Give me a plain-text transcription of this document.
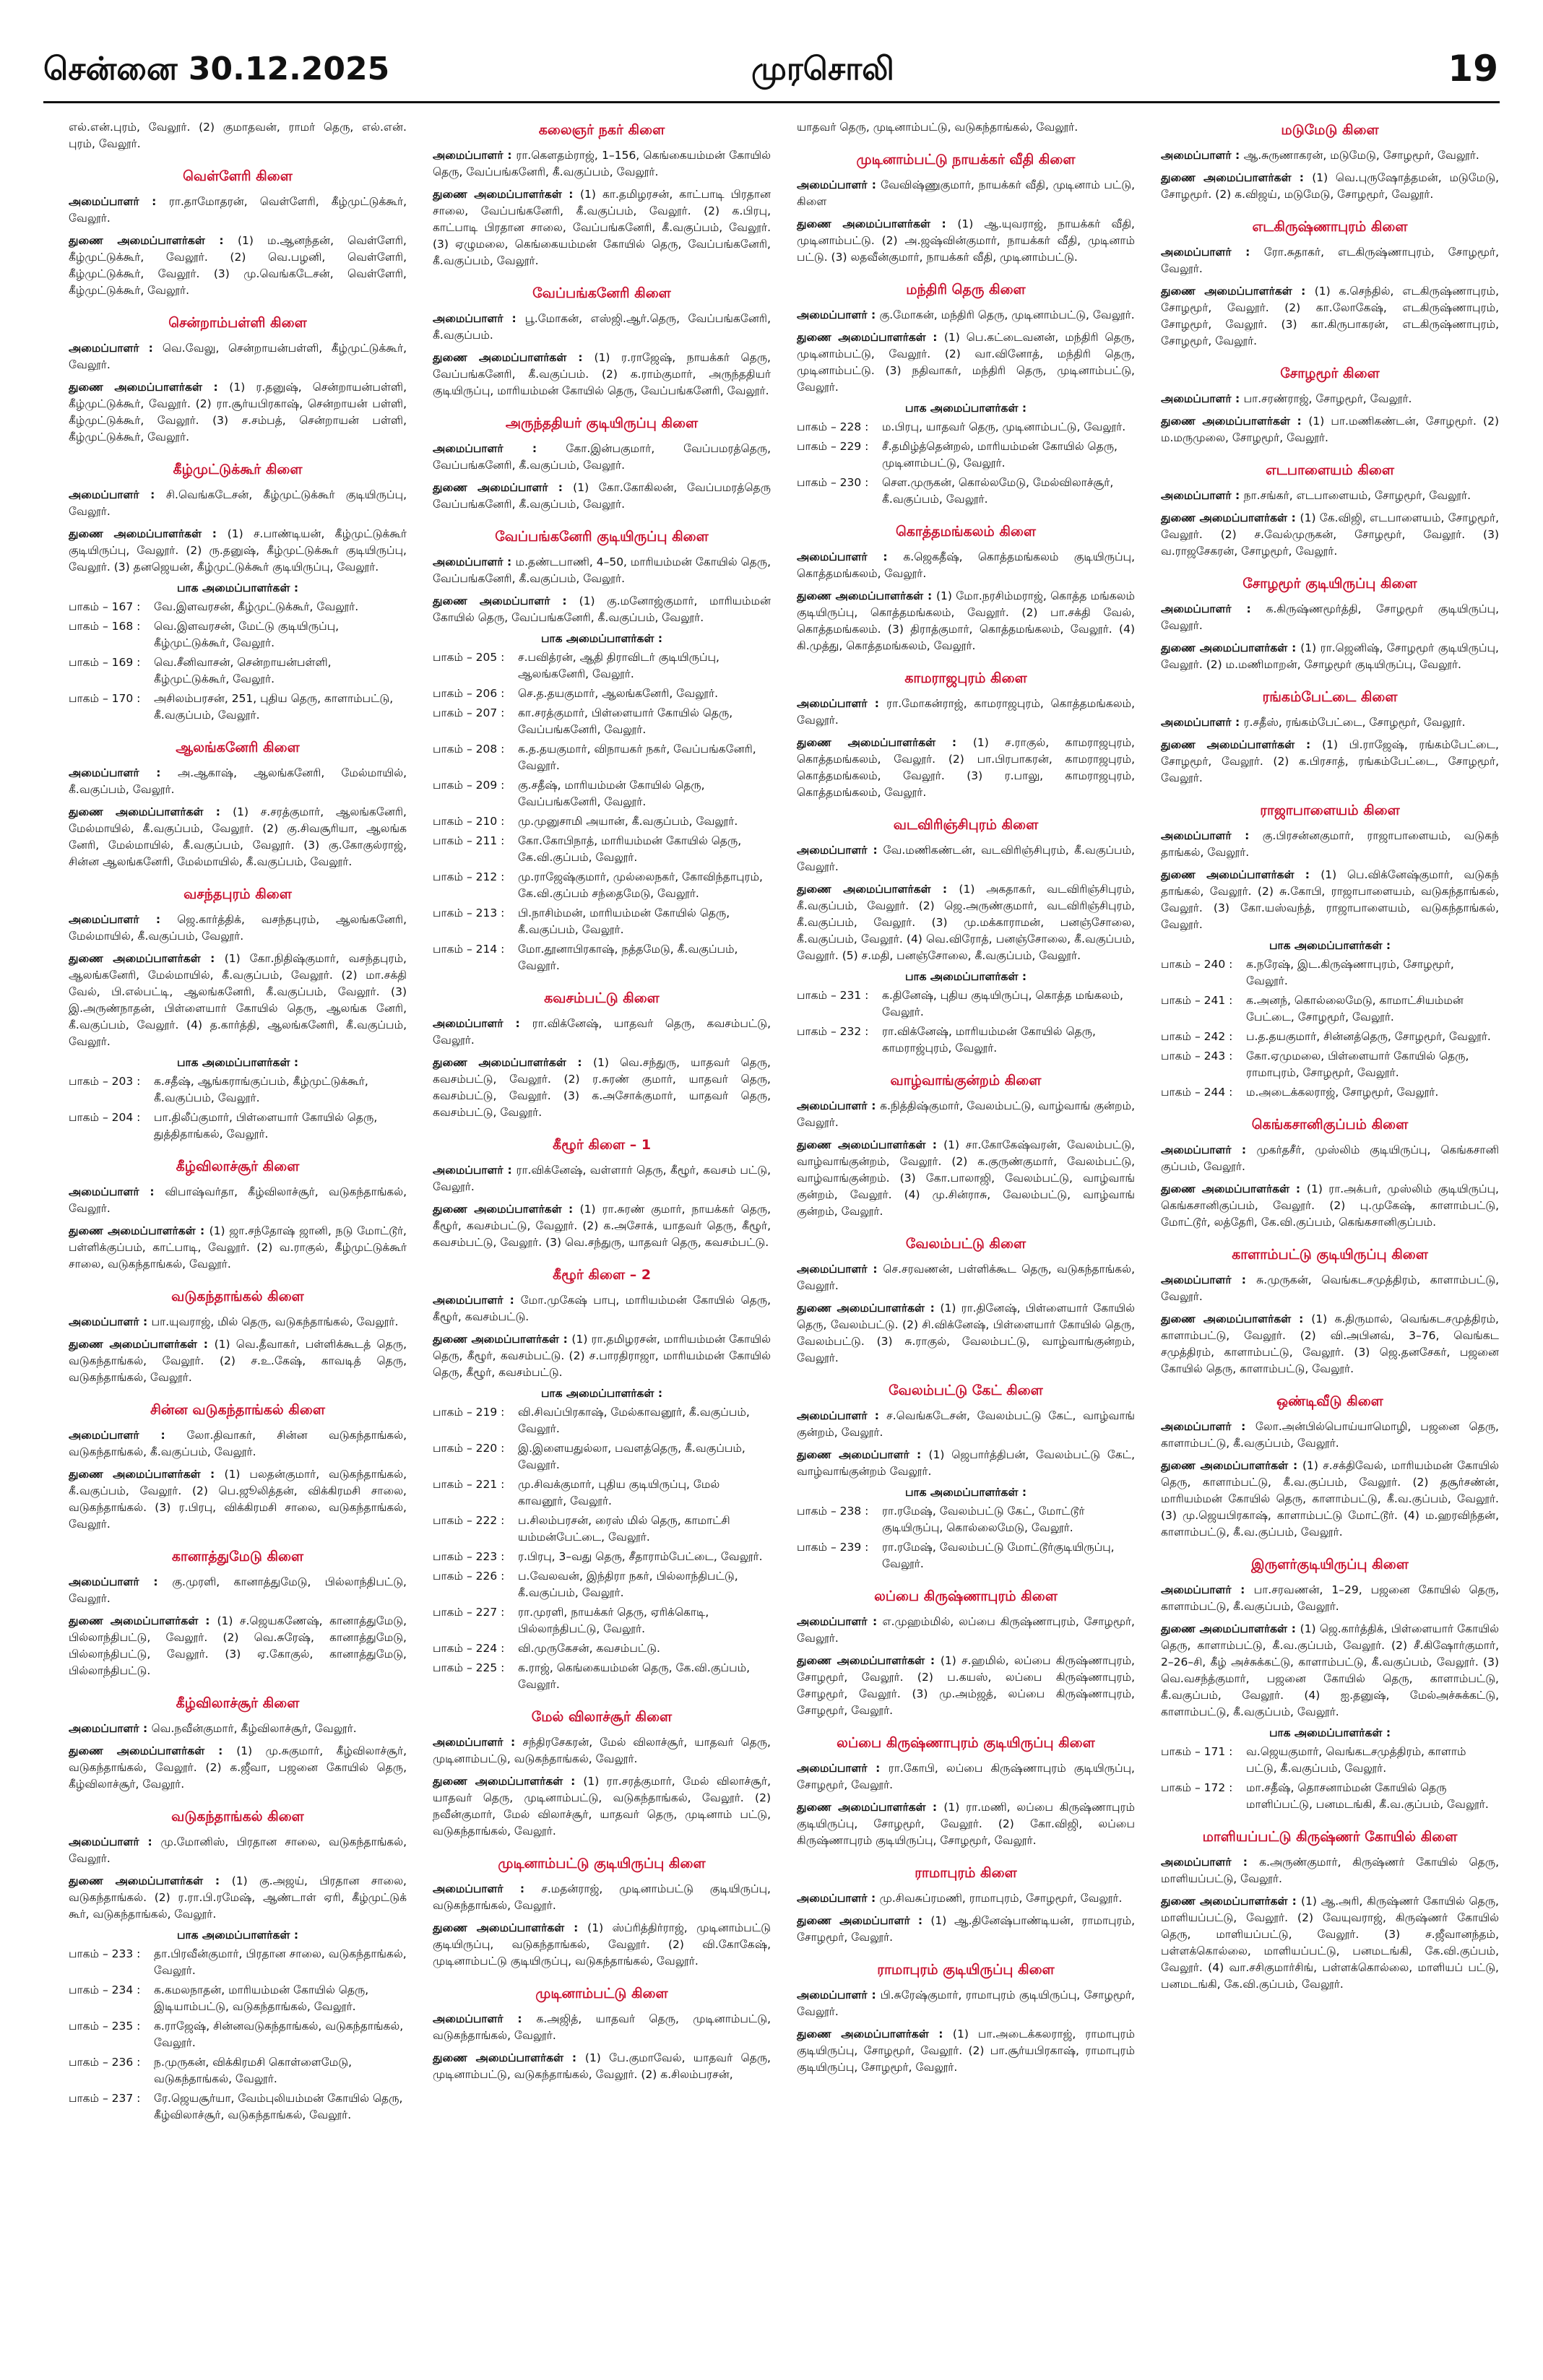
சென்னை 30.12.2025	முரசொலி	19

எல்.என்.புரம், வேலூர். (2) குமாதவன், ராமர் தெரு, எல்.என். புரம், வேலூர்.

வெள்ளேரி கிளை

அமைப்பாளர் : ரா.தாமோதரன், வெள்ளேரி, கீழ்முட்டுக்கூர், வேலூர்.

துணை அமைப்பாளர்கள் : (1) ம.ஆனந்தன், வெள்ளேரி, கீழ்முட்டுக்கூர், வேலூர். (2) வெ.பழனி, வெள்ளேரி, கீழ்முட்டுக்கூர், வேலூர். (3) மு.வெங்கடேசன், வெள்ளேரி, கீழ்முட்டுக்கூர், வேலூர்.

சென்றாம்பள்ளி கிளை

அமைப்பாளர் : வெ.வேலு, சென்றாயன்பள்ளி, கீழ்முட்டுக்கூர், வேலூர்.

துணை அமைப்பாளர்கள் : (1) ர.தனுஷ், சென்றாயன்பள்ளி, கீழ்முட்டுக்கூர், வேலூர். (2) ரா.சூர்யபிரகாஷ், சென்றாயன் பள்ளி, கீழ்முட்டுக்கூர், வேலூர். (3) ச.சம்பத், சென்றாயன் பள்ளி, கீழ்முட்டுக்கூர், வேலூர்.

கீழ்முட்டுக்கூர் கிளை

அமைப்பாளர் : சி.வெங்கடேசன், கீழ்முட்டுக்கூர் குடியிருப்பு, வேலூர்.

துணை அமைப்பாளர்கள் : (1) ச.பாண்டியன், கீழ்முட்டுக்கூர் குடியிருப்பு, வேலூர். (2) ரு.தனுஷ், கீழ்முட்டுக்கூர் குடியிருப்பு, வேலூர். (3) தனஜெயன், கீழ்முட்டுக்கூர் குடியிருப்பு, வேலூர்.

பாக அமைப்பாளர்கள் :
பாகம் – 167 :	வே.இளவரசன், கீழ்முட்டுக்கூர், வேலூர்.
பாகம் – 168 :	வெ.இளவரசன், மேட்டு குடியிருப்பு, கீழ்முட்டுக்கூர், வேலூர்.
பாகம் – 169 :	வெ.சீனிவாசன், சென்றாயன்பள்ளி, கீழ்முட்டுக்கூர், வேலூர்.
பாகம் – 170 :	அசிலம்பரசன், 251, புதிய தெரு, காளாம்பட்டு, கீ.வகுப்பம், வேலூர்.
ஆலங்கனேரி கிளை

அமைப்பாளர் : அ.ஆகாஷ், ஆலங்கனேரி, மேல்மாயில், கீ.வகுப்பம், வேலூர்.

துணை அமைப்பாளர்கள் : (1) ச.சரத்குமார், ஆலங்கனேரி, மேல்மாயில், கீ.வகுப்பம், வேலூர். (2) கு.சிவசூரியா, ஆலங்க னேரி, மேல்மாயில், கீ.வகுப்பம், வேலூர். (3) கு.கோகுல்ராஜ், சின்ன ஆலங்கனேரி, மேல்மாயில், கீ.வகுப்பம், வேலூர்.

வசந்தபுரம் கிளை

அமைப்பாளர் : ஜெ.கார்த்திக், வசந்தபுரம், ஆலங்கனேரி, மேல்மாயில், கீ.வகுப்பம், வேலூர்.

துணை அமைப்பாளர்கள் : (1) கோ.நிதிஷ்குமார், வசந்தபுரம், ஆலங்கனேரி, மேல்மாயில், கீ.வகுப்பம், வேலூர். (2) மா.சக்தி வேல், பி.எல்பட்டி, ஆலங்கனேரி, கீ.வகுப்பம், வேலூர். (3) இ.அருண்நாதன், பிள்ளையார் கோயில் தெரு, ஆலங்க னேரி, கீ.வகுப்பம், வேலூர். (4) த.கார்த்தி, ஆலங்கனேரி, கீ.வகுப்பம், வேலூர்.

பாக அமைப்பாளர்கள் :
பாகம் – 203 :	க.சதீஷ், ஆங்கராங்குப்பம், கீழ்முட்டுக்கூர், கீ.வகுப்பம், வேலூர்.
பாகம் – 204 :	பா.திலீப்குமார், பிள்ளையார் கோயில் தெரு, துத்திதாங்கல், வேலூர்.
கீழ்விலாச்சூர் கிளை

அமைப்பாளர் : விபாஷ்வர்தா, கீழ்விலாச்சூர், வடுகந்தாங்கல், வேலூர்.

துணை அமைப்பாளர்கள் : (1) ஜா.சந்தோஷ் ஜானி, நடு மோட்டூர், பள்ளிக்குப்பம், காட்பாடி, வேலூர். (2) வ.ராகுல், கீழ்முட்டுக்கூர் சாலை, வடுகந்தாங்கல், வேலூர்.

வடுகந்தாங்கல் கிளை

அமைப்பாளர் : பா.யுவராஜ், மில் தெரு, வடுகந்தாங்கல், வேலூர்.

துணை அமைப்பாளர்கள் : (1) வெ.தீவாகர், பள்ளிக்கூடத் தெரு, வடுகந்தாங்கல், வேலூர். (2) ச.உ.கேஷ், காவடித் தெரு, வடுகந்தாங்கல், வேலூர்.

சின்ன வடுகந்தாங்கல் கிளை

அமைப்பாளர் : லோ.திவாகர், சின்ன வடுகந்தாங்கல், வடுகந்தாங்கல், கீ.வகுப்பம், வேலூர்.

துணை அமைப்பாளர்கள் : (1) பலதன்குமார், வடுகந்தாங்கல், கீ.வகுப்பம், வேலூர். (2) பெ.ஜூலித்தன், விக்கிரமசி சாலை, வடுகந்தாங்கல். (3) ர.பிரபு, விக்கிரமசி சாலை, வடுகந்தாங்கல், வேலூர்.

கானாத்துமேடு கிளை

அமைப்பாளர் : கு.முரளி, கானாத்துமேடு, பில்லாந்திபட்டு, வேலூர்.

துணை அமைப்பாளர்கள் : (1) ச.ஜெயகணேஷ், கானாத்துமேடு, பில்லாந்திபட்டு, வேலூர். (2) வெ.சுரேஷ், கானாத்துமேடு, பில்லாந்திபட்டு, வேலூர். (3) ஏ.கோகுல், கானாத்துமேடு, பில்லாந்திபட்டு.

கீழ்விலாச்சூர் கிளை

அமைப்பாளர் : வெ.நவீன்குமார், கீழ்விலாச்சூர், வேலூர்.

துணை அமைப்பாளர்கள் : (1) மு.சுகுமார், கீழ்விலாச்சூர், வடுகந்தாங்கல், வேலூர். (2) க.ஜீவா, பஜனை கோயில் தெரு, கீழ்விலாச்சூர், வேலூர்.

வடுகந்தாங்கல் கிளை

அமைப்பாளர் : மு.மோனிஸ், பிரதான சாலை, வடுகந்தாங்கல், வேலூர்.

துணை அமைப்பாளர்கள் : (1) கு.அஜய், பிரதான சாலை, வடுகந்தாங்கல். (2) ர.ரா.பி.ரமேஷ், ஆண்டாள் ஏரி, கீழ்முட்டுக் கூர், வடுகந்தாங்கல், வேலூர்.

பாக அமைப்பாளர்கள் :
பாகம் – 233 :	தா.பிரவீன்குமார், பிரதான சாலை, வடுகந்தாங்கல், வேலூர்.
பாகம் – 234 :	க.கமலநாதன், மாரியம்மன் கோயில் தெரு, இடியாம்பட்டு, வடுகந்தாங்கல், வேலூர்.
பாகம் – 235 :	க.ராஜேஷ், சின்னவடுகந்தாங்கல், வடுகந்தாங்கல், வேலூர்.
பாகம் – 236 :	ந.முருகன், விக்கிரமசி கொள்ளைமேடு, வடுகந்தாங்கல், வேலூர்.
பாகம் – 237 :	ரே.ஜெயசூர்யா, வேம்புலியம்மன் கோயில் தெரு, கீழ்விலாச்சூர், வடுகந்தாங்கல், வேலூர்.
கலைஞர் நகர் கிளை

அமைப்பாளர் : ரா.கௌதம்ராஜ், 1–156, கெங்கையம்மன் கோயில் தெரு, வேப்பங்கனேரி, கீ.வகுப்பம், வேலூர்.

துணை அமைப்பாளர்கள் : (1) கா.தமிழரசன், காட்பாடி பிரதான சாலை, வேப்பங்கனேரி, கீ.வகுப்பம், வேலூர். (2) க.பிரபு, காட்பாடி பிரதான சாலை, வேப்பங்கனேரி, கீ.வகுப்பம், வேலூர். (3) ஏழுமலை, கெங்கையம்மன் கோயில் தெரு, வேப்பங்கனேரி, கீ.வகுப்பம், வேலூர்.

வேப்பங்கனேரி கிளை

அமைப்பாளர் : பூ.மோகன், எஸ்ஜி.ஆர்.தெரு, வேப்பங்கனேரி, கீ.வகுப்பம்.

துணை அமைப்பாளர்கள் : (1) ர.ராஜேஷ், நாயக்கர் தெரு, வேப்பங்கனேரி, கீ.வகுப்பம். (2) க.ராம்குமார், அருந்ததியர் குடியிருப்பு, மாரியம்மன் கோயில் தெரு, வேப்பங்கனேரி, வேலூர்.

அருந்ததியர் குடியிருப்பு கிளை

அமைப்பாளர் : கோ.இன்பகுமார், வேப்பமரத்தெரு, வேப்பங்கனேரி, கீ.வகுப்பம், வேலூர்.

துணை அமைப்பாளர் : (1) கோ.கோகிலன், வேப்பமரத்தெரு வேப்பங்கனேரி, கீ.வகுப்பம், வேலூர்.

வேப்பங்கனேரி குடியிருப்பு கிளை

அமைப்பாளர் : ம.தண்டபாணி, 4–50, மாரியம்மன் கோயில் தெரு, வேப்பங்கனேரி, கீ.வகுப்பம், வேலூர்.

துணை அமைப்பாளர் : (1) கு.மனோஜ்குமார், மாரியம்மன் கோயில் தெரு, வேப்பங்கனேரி, கீ.வகுப்பம், வேலூர்.

பாக அமைப்பாளர்கள் :
பாகம் – 205 :	ச.பவித்ரன், ஆதி திராவிடர் குடியிருப்பு, ஆலங்கனேரி, வேலூர்.
பாகம் – 206 :	செ.த.தயகுமார், ஆலங்கனேரி, வேலூர்.
பாகம் – 207 :	கா.சரத்குமார், பிள்ளையார் கோயில் தெரு, வேப்பங்கனேரி, வேலூர்.
பாகம் – 208 :	க.த.தயகுமார், விநாயகர் நகர், வேப்பங்கனேரி, வேலூர்.
பாகம் – 209 :	கு.சதீஷ், மாரியம்மன் கோயில் தெரு, வேப்பங்கனேரி, வேலூர்.
பாகம் – 210 :	மு.முனுசாமி அயான், கீ.வகுப்பம், வேலூர்.
பாகம் – 211 :	கோ.கோபிநாத், மாரியம்மன் கோயில் தெரு, கே.வி.குப்பம், வேலூர்.
பாகம் – 212 :	மு.ராஜேஷ்குமார், முல்லைநகர், கோவிந்தாபுரம், கே.வி.குப்பம் சந்தைமேடு, வேலூர்.
பாகம் – 213 :	பி.நாசிம்மன், மாரியம்மன் கோயில் தெரு, கீ.வகுப்பம், வேலூர்.
பாகம் – 214 :	மோ.தூனாபிரகாஷ், நத்தமேடு, கீ.வகுப்பம், வேலூர்.
கவசம்பட்டு கிளை

அமைப்பாளர் : ரா.விக்னேஷ், யாதவர் தெரு, கவசம்பட்டு, வேலூர்.

துணை அமைப்பாளர்கள் : (1) வெ.சந்துரு, யாதவர் தெரு, கவசம்பட்டு, வேலூர். (2) ர.சுரண் குமார், யாதவர் தெரு, கவசம்பட்டு, வேலூர். (3) க.அசோக்குமார், யாதவர் தெரு, கவசம்பட்டு, வேலூர்.

கீழூர் கிளை – 1

அமைப்பாளர் : ரா.விக்னேஷ், வள்ளார் தெரு, கீழூர், கவசம் பட்டு, வேலூர்.

துணை அமைப்பாளர்கள் : (1) ரா.சுரண் குமார், நாயக்கர் தெரு, கீழூர், கவசம்பட்டு, வேலூர். (2) க.அசோக், யாதவர் தெரு, கீழூர், கவசம்பட்டு, வேலூர். (3) வெ.சந்துரு, யாதவர் தெரு, கவசம்பட்டு.

கீழூர் கிளை – 2

அமைப்பாளர் : மோ.முகேஷ் பாபு, மாரியம்மன் கோயில் தெரு, கீழூர், கவசம்பட்டு.

துணை அமைப்பாளர்கள் : (1) ரா.தமிழரசன், மாரியம்மன் கோயில் தெரு, கீழூர், கவசம்பட்டு. (2) ச.பாரதிராஜா, மாரியம்மன் கோயில் தெரு, கீழூர், கவசம்பட்டு.

பாக அமைப்பாளர்கள் :
பாகம் – 219 :	வி.சிவப்பிரகாஷ், மேல்காவனூர், கீ.வகுப்பம், வேலூர்.
பாகம் – 220 :	இ.இளையதுல்லா, பவளத்தெரு, கீ.வகுப்பம், வேலூர்.
பாகம் – 221 :	மு.சிவக்குமார், புதிய குடியிருப்பு, மேல் காவனூர், வேலூர்.
பாகம் – 222 :	ப.சிலம்பரசன், ரைஸ் மில் தெரு, காமாட்சி யம்மன்பேட்டை, வேலூர்.
பாகம் – 223 :	ர.பிரபு, 3–வது தெரு, சீதாராம்பேட்டை, வேலூர்.
பாகம் – 226 :	ப.வேலவன், இந்திரா நகர், பில்லாந்திபட்டு, கீ.வகுப்பம், வேலூர்.
பாகம் – 227 :	ரா.முரளி, நாயக்கர் தெரு, ஏரிக்கொடி, பில்லாந்திபட்டு, வேலூர்.
பாகம் – 224 :	வி.முருகேசன், கவசம்பட்டு.
பாகம் – 225 :	க.ராஜ், கெங்கையம்மன் தெரு, கே.வி.குப்பம், வேலூர்.
மேல் விலாச்சூர் கிளை

அமைப்பாளர் : சந்திரசேகரன், மேல் விலாச்சூர், யாதவர் தெரு, முடினாம்பட்டு, வடுகந்தாங்கல், வேலூர்.

துணை அமைப்பாளர்கள் : (1) ரா.சரத்குமார், மேல் விலாச்சூர், யாதவர் தெரு, முடினாம்பட்டு, வடுகந்தாங்கல், வேலூர். (2) நவீன்குமார், மேல் விலாச்சூர், யாதவர் தெரு, முடினாம் பட்டு, வடுகந்தாங்கல், வேலூர்.

முடினாம்பட்டு குடியிருப்பு கிளை

அமைப்பாளர் : ச.மதன்ராஜ், முடினாம்பட்டு குடியிருப்பு, வடுகந்தாங்கல், வேலூர்.

துணை அமைப்பாளர்கள் : (1) ஸ்ப்ரித்திர்ராஜ், முடினாம்பட்டு குடியிருப்பு, வடுகந்தாங்கல், வேலூர். (2) வி.கோகேஷ், முடினாம்பட்டு குடியிருப்பு, வடுகந்தாங்கல், வேலூர்.

முடினாம்பட்டு கிளை

அமைப்பாளர் : க.அஜித், யாதவர் தெரு, முடினாம்பட்டு, வடுகந்தாங்கல், வேலூர்.

துணை அமைப்பாளர்கள் : (1) பே.குமாவேல், யாதவர் தெரு, முடினாம்பட்டு, வடுகந்தாங்கல், வேலூர். (2) க.சிலம்பரசன்,

யாதவர் தெரு, முடினாம்பட்டு, வடுகந்தாங்கல், வேலூர்.

முடினாம்பட்டு நாயக்கர் வீதி கிளை

அமைப்பாளர் : வேவிஷ்ணுகுமார், நாயக்கர் வீதி, முடினாம் பட்டு, கிளை

துணை அமைப்பாளர்கள் : (1) ஆ.யுவராஜ், நாயக்கர் வீதி, முடினாம்பட்டு. (2) அ.ஜஷ்வின்குமார், நாயக்கர் வீதி, முடினாம் பட்டு. (3) லதவீன்குமார், நாயக்கர் வீதி, முடினாம்பட்டு.

மந்திரி தெரு கிளை

அமைப்பாளர் : கு.மோகன், மந்திரி தெரு, முடினாம்பட்டு, வேலூர்.

துணை அமைப்பாளர்கள் : (1) பெ.கட்டைவனன், மந்திரி தெரு, முடினாம்பட்டு, வேலூர். (2) வா.வினோத், மந்திரி தெரு, முடினாம்பட்டு. (3) நதிவாகர், மந்திரி தெரு, முடினாம்பட்டு, வேலூர்.

பாக அமைப்பாளர்கள் :
பாகம் – 228 :	ம.பிரபு, யாதவர் தெரு, முடினாம்பட்டு, வேலூர்.
பாகம் – 229 :	சீ.தமிழ்த்தென்றல், மாரியம்மன் கோயில் தெரு, முடினாம்பட்டு, வேலூர்.
பாகம் – 230 :	சௌ.முருகன், கொல்லமேடு, மேல்விலாச்சூர், கீ.வகுப்பம், வேலூர்.
கொத்தமங்கலம் கிளை

அமைப்பாளர் : க.ஜெகதீஷ், கொத்தமங்கலம் குடியிருப்பு, கொத்தமங்கலம், வேலூர்.

துணை அமைப்பாளர்கள் : (1) மோ.நரசிம்மராஜ், கொத்த மங்கலம் குடியிருப்பு, கொத்தமங்கலம், வேலூர். (2) பா.சக்தி வேல், கொத்தமங்கலம். (3) திராத்குமார், கொத்தமங்கலம், வேலூர். (4) கி.முத்து, கொத்தமங்கலம், வேலூர்.

காமராஜபுரம் கிளை

அமைப்பாளர் : ரா.மோகன்ராஜ், காமராஜபுரம், கொத்தமங்கலம், வேலூர்.

துணை அமைப்பாளர்கள் : (1) ச.ராகுல், காமராஜபுரம், கொத்தமங்கலம், வேலூர். (2) பா.பிரபாகரன், காமராஜபுரம், கொத்தமங்கலம், வேலூர். (3) ர.பாலு, காமராஜபுரம், கொத்தமங்கலம், வேலூர்.

வடவிரிஞ்சிபுரம் கிளை

அமைப்பாளர் : வே.மணிகண்டன், வடவிரிஞ்சிபுரம், கீ.வகுப்பம், வேலூர்.

துணை அமைப்பாளர்கள் : (1) அகதாகர், வடவிரிஞ்சிபுரம், கீ.வகுப்பம், வேலூர். (2) ஜெ.அருண்குமார், வடவிரிஞ்சிபுரம், கீ.வகுப்பம், வேலூர். (3) மு.மக்காராமன், பனஞ்சோலை, கீ.வகுப்பம், வேலூர். (4) வெ.விரோத், பனஞ்சோலை, கீ.வகுப்பம், வேலூர். (5) ச.மதி, பனஞ்சோலை, கீ.வகுப்பம், வேலூர்.

பாக அமைப்பாளர்கள் :
பாகம் – 231 :	க.தினேஷ், புதிய குடியிருப்பு, கொத்த மங்கலம், வேலூர்.
பாகம் – 232 :	ரா.விக்னேஷ், மாரியம்மன் கோயில் தெரு, காமராஜ்புரம், வேலூர்.
வாழ்வாங்குன்றம் கிளை

அமைப்பாளர் : க.நித்திஷ்குமார், வேலம்பட்டு, வாழ்வாங் குன்றம், வேலூர்.

துணை அமைப்பாளர்கள் : (1) சா.கோகேஷ்வரன், வேலம்பட்டு, வாழ்வாங்குன்றம், வேலூர். (2) க.குருண்குமார், வேலம்பட்டு, வாழ்வாங்குன்றம். (3) கோ.பாலாஜி, வேலம்பட்டு, வாழ்வாங் குன்றம், வேலூர். (4) மு.சின்ராசு, வேலம்பட்டு, வாழ்வாங் குன்றம், வேலூர்.

வேலம்பட்டு கிளை

அமைப்பாளர் : செ.சரவணன், பள்ளிக்கூட தெரு, வடுகந்தாங்கல், வேலூர்.

துணை அமைப்பாளர்கள் : (1) ரா.தினேஷ், பிள்ளையார் கோயில் தெரு, வேலம்பட்டு. (2) சி.விக்னேஷ், பிள்ளையார் கோயில் தெரு, வேலம்பட்டு. (3) சு.ராகுல், வேலம்பட்டு, வாழ்வாங்குன்றம், வேலூர்.

வேலம்பட்டு கேட் கிளை

அமைப்பாளர் : ச.வெங்கடேசன், வேலம்பட்டு கேட், வாழ்வாங் குன்றம், வேலூர்.

துணை அமைப்பாளர் : (1) ஜெபார்த்திபன், வேலம்பட்டு கேட், வாழ்வாங்குன்றம் வேலூர்.

பாக அமைப்பாளர்கள் :
பாகம் – 238 :	ரா.ரமேஷ், வேலம்பட்டு கேட், மோட்டூர் குடியிருப்பு, கொல்லைமேடு, வேலூர்.
பாகம் – 239 :	ரா.ரமேஷ், வேலம்பட்டு மோட்டூர்குடியிருப்பு, வேலூர்.
லப்பை கிருஷ்ணாபுரம் கிளை

அமைப்பாளர் : எ.முஹம்மில், லப்பை கிருஷ்ணாபுரம், சோழமூர், வேலூர்.

துணை அமைப்பாளர்கள் : (1) ச.ஹமில், லப்பை கிருஷ்ணாபுரம், சோழமூர், வேலூர். (2) ப.கயஸ், லப்பை கிருஷ்ணாபுரம், சோழமூர், வேலூர். (3) மு.அம்ஜத், லப்பை கிருஷ்ணாபுரம், சோழமூர், வேலூர்.

லப்பை கிருஷ்ணாபுரம் குடியிருப்பு கிளை

அமைப்பாளர் : ரா.கோபி, லப்பை கிருஷ்ணாபுரம் குடியிருப்பு, சோழமூர், வேலூர்.

துணை அமைப்பாளர்கள் : (1) ரா.மணி, லப்பை கிருஷ்ணாபுரம் குடியிருப்பு, சோழமூர், வேலூர். (2) கோ.விஜி, லப்பை கிருஷ்ணாபுரம் குடியிருப்பு, சோழமூர், வேலூர்.

ராமாபுரம் கிளை

அமைப்பாளர் : மு.சிவசுப்ரமணி, ராமாபுரம், சோழமூர், வேலூர்.

துணை அமைப்பாளர் : (1) ஆ.தினேஷ்பாண்டியன், ராமாபுரம், சோழமூர், வேலூர்.

ராமாபுரம் குடியிருப்பு கிளை

அமைப்பாளர் : பி.சுரேஷ்குமார், ராமாபுரம் குடியிருப்பு, சோழமூர், வேலூர்.

துணை அமைப்பாளர்கள் : (1) பா.அடைக்கலராஜ், ராமாபுரம் குடியிருப்பு, சோழமூர், வேலூர். (2) பா.சூர்யபிரகாஷ், ராமாபுரம் குடியிருப்பு, சோழமூர், வேலூர்.

மடுமேடு கிளை

அமைப்பாளர் : ஆ.சுருணாகரன், மடுமேடு, சோழமூர், வேலூர்.

துணை அமைப்பாளர்கள் : (1) வெ.புருஷோத்தமன், மடுமேடு, சோழமூர். (2) க.விஜய், மடுமேடு, சோழமூர், வேலூர்.

எடகிருஷ்ணாபுரம் கிளை

அமைப்பாளர் : ரோ.சுதாகர், எடகிருஷ்ணாபுரம், சோழமூர், வேலூர்.

துணை அமைப்பாளர்கள் : (1) க.செந்தில், எடகிருஷ்ணாபுரம், சோழமூர், வேலூர். (2) கா.லோகேஷ், எடகிருஷ்ணாபுரம், சோழமூர், வேலூர். (3) கா.கிருபாகரன், எடகிருஷ்ணாபுரம், சோழமூர், வேலூர்.

சோழமூர் கிளை

அமைப்பாளர் : பா.சரண்ராஜ், சோழமூர், வேலூர்.

துணை அமைப்பாளர்கள் : (1) பா.மணிகண்டன், சோழமூர். (2) ம.மருமுலை, சோழமூர், வேலூர்.

எடபாளையம் கிளை

அமைப்பாளர் : நா.சங்கர், எடபாளையம், சோழமூர், வேலூர்.

துணை அமைப்பாளர்கள் : (1) கே.விஜி, எடபாளையம், சோழமூர், வேலூர். (2) ச.வேல்முருகன், சோழமூர், வேலூர். (3) வ.ராஜசேகரன், சோழமூர், வேலூர்.

சோழமூர் குடியிருப்பு கிளை

அமைப்பாளர் : க.கிருஷ்ணமூர்த்தி, சோழமூர் குடியிருப்பு, வேலூர்.

துணை அமைப்பாளர்கள் : (1) ரா.ஜெனிஷ், சோழமூர் குடியிருப்பு, வேலூர். (2) ம.மணிமாறன், சோழமூர் குடியிருப்பு, வேலூர்.

ரங்கம்பேட்டை கிளை

அமைப்பாளர் : ர.சதீஸ், ரங்கம்பேட்டை, சோழமூர், வேலூர்.

துணை அமைப்பாளர்கள் : (1) பி.ராஜேஷ், ரங்கம்பேட்டை, சோழமூர், வேலூர். (2) க.பிரசாத், ரங்கம்பேட்டை, சோழமூர், வேலூர்.

ராஜாபாளையம் கிளை

அமைப்பாளர் : கு.பிரசன்னகுமார், ராஜாபாளையம், வடுகந் தாங்கல், வேலூர்.

துணை அமைப்பாளர்கள் : (1) பெ.விக்னேஷ்குமார், வடுகந் தாங்கல், வேலூர். (2) சு.கோபி, ராஜாபாளையம், வடுகந்தாங்கல், வேலூர். (3) கோ.யஸ்வந்த், ராஜாபாளையம், வடுகந்தாங்கல், வேலூர்.

பாக அமைப்பாளர்கள் :
பாகம் – 240 :	க.நரேஷ், இட.கிருஷ்ணாபுரம், சோழமூர், வேலூர்.
பாகம் – 241 :	க.அனந், கொல்லைமேடு, காமாட்சியம்மன் பேட்டை, சோழமூர், வேலூர்.
பாகம் – 242 :	ப.த.தயகுமார், சின்னத்தெரு, சோழமூர், வேலூர்.
பாகம் – 243 :	கோ.ஏமுமலை, பிள்ளையார் கோயில் தெரு, ராமாபுரம், சோழமூர், வேலூர்.
பாகம் – 244 :	ம.அடைக்கலராஜ், சோழமூர், வேலூர்.
கெங்கசானிகுப்பம் கிளை

அமைப்பாளர் : முகர்தசீர், முஸ்லிம் குடியிருப்பு, கெங்கசானி குப்பம், வேலூர்.

துணை அமைப்பாளர்கள் : (1) ரா.அக்பர், முஸ்லிம் குடியிருப்பு, கெங்கசானிகுப்பம், வேலூர். (2) பு.முகேஷ், காளாம்பட்டு, மோட்டூர், லத்தேரி, கே.வி.குப்பம், கெங்கசானிகுப்பம்.

காளாம்பட்டு குடியிருப்பு கிளை

அமைப்பாளர் : சு.முருகன், வெங்கடசமுத்திரம், காளாம்பட்டு, வேலூர்.

துணை அமைப்பாளர்கள் : (1) க.திருமால், வெங்கடசமுத்திரம், காளாம்பட்டு, வேலூர். (2) வி.அபினவ், 3–76, வெங்கட சமுத்திரம், காளாம்பட்டு, வேலூர். (3) ஜெ.தனசேகர், பஜனை கோயில் தெரு, காளாம்பட்டு, வேலூர்.

ஒண்டிவீடு கிளை

அமைப்பாளர் : லோ.அன்பில்பொய்யாமொழி, பஜனை தெரு, காளாம்பட்டு, கீ.வகுப்பம், வேலூர்.

துணை அமைப்பாளர்கள் : (1) ச.சக்திவேல், மாரியம்மன் கோயில் தெரு, காளாம்பட்டு, கீ.வ.குப்பம், வேலூர். (2) தசூர்சண்ன், மாரியம்மன் கோயில் தெரு, காளாம்பட்டு, கீ.வ.குப்பம், வேலூர். (3) மு.ஜெயபிரகாஷ், காளாம்பட்டு மோட்டூர். (4) ம.ஹரவிந்தன், காளாம்பட்டு, கீ.வ.குப்பம், வேலூர்.

இருளர்குடியிருப்பு கிளை

அமைப்பாளர் : பா.சரவணன், 1–29, பஜனை கோயில் தெரு, காளாம்பட்டு, கீ.வகுப்பம், வேலூர்.

துணை அமைப்பாளர்கள் : (1) ஜெ.கார்த்திக், பிள்ளையார் கோயில் தெரு, காளாம்பட்டு, கீ.வ.குப்பம், வேலூர். (2) சீ.கிஷோர்குமார், 2–26–சி, கீழ் அச்சுக்கட்டு, காளாம்பட்டு, கீ.வகுப்பம், வேலூர். (3) வெ.வசந்த்குமார், பஜனை கோயில் தெரு, காளாம்பட்டு, கீ.வகுப்பம், வேலூர். (4) ஐ.தனுஷ், மேல்அச்சுக்கட்டு, காளாம்பட்டு, கீ.வகுப்பம், வேலூர்.

பாக அமைப்பாளர்கள் :
பாகம் – 171 :	வ.ஜெயகுமார், வெங்கடசமுத்திரம், காளாம் பட்டு, கீ.வகுப்பம், வேலூர்.
பாகம் – 172 :	மா.சதீஷ், தொசனாம்மன் கோயில் தெரு மாளிப்பட்டு, பனமடங்கி, கீ.வ.குப்பம், வேலூர்.
மாளியப்பட்டு கிருஷ்ணர் கோயில் கிளை

அமைப்பாளர் : க.அருண்குமார், கிருஷ்ணர் கோயில் தெரு, மாளியப்பட்டு, வேலூர்.

துணை அமைப்பாளர்கள் : (1) ஆ.அரி, கிருஷ்ணர் கோயில் தெரு, மாளியப்பட்டு, வேலூர். (2) வேயுவராஜ், கிருஷ்ணர் கோயில் தெரு, மாளியப்பட்டு, வேலூர். (3) ச.ஜீவானந்தம், பள்ளக்கொல்லை, மாளியப்பட்டு, பனமடங்கி, கே.வி.குப்பம், வேலூர். (4) வா.சசிகுமார்சிங், பள்ளக்கொல்லை, மாளியப் பட்டு, பனமடங்கி, கே.வி.குப்பம், வேலூர்.
